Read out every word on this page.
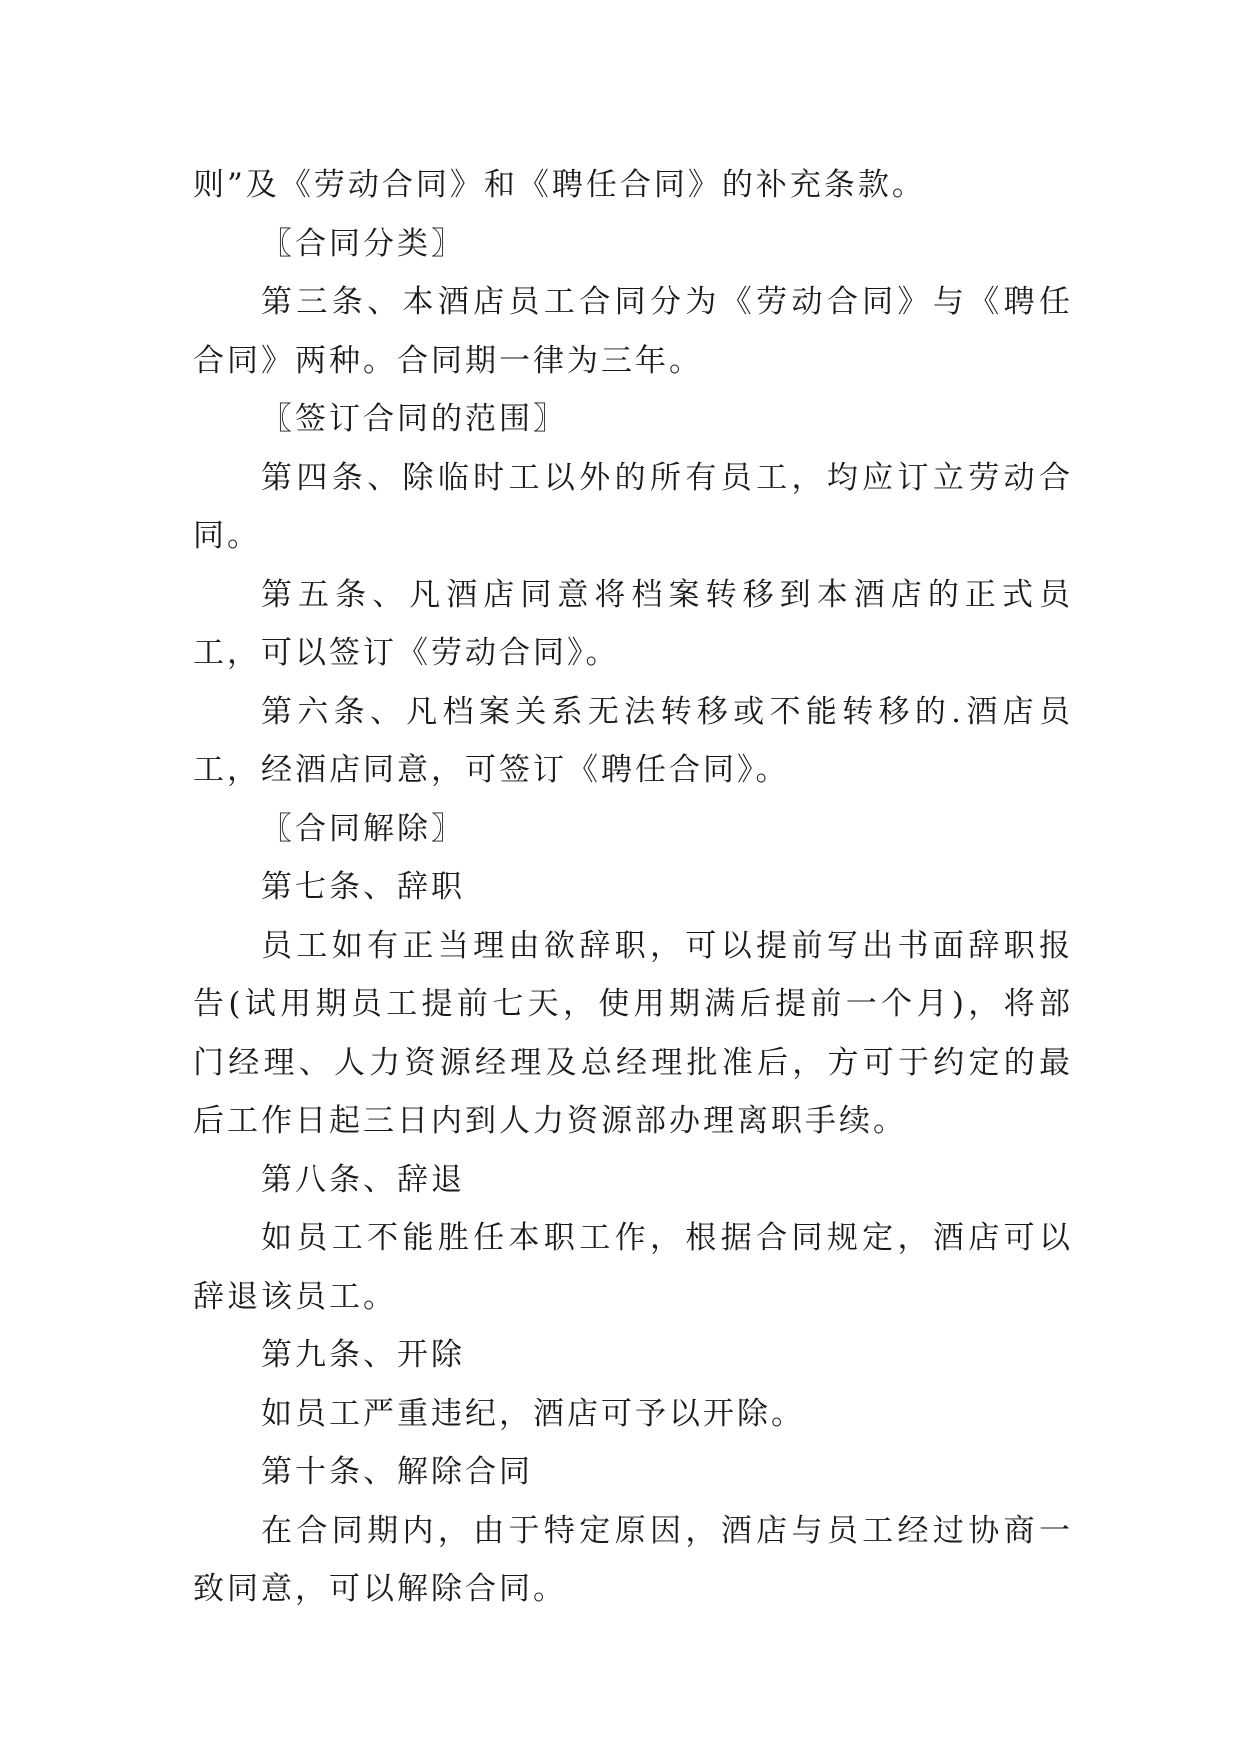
则”及《劳动合同》和《聘任合同》的补充条款。

〖合同分类〗

第三条、本酒店员工合同分为《劳动合同》与《聘任合同》两种。合同期一律为三年。

〖签订合同的范围〗

第四条、除临时工以外的所有员工，均应订立劳动合同。

第五条、凡酒店同意将档案转移到本酒店的正式员工，可以签订《劳动合同》。

第六条、凡档案关系无法转移或不能转移的.酒店员工，经酒店同意，可签订《聘任合同》。

〖合同解除〗

第七条、辞职

员工如有正当理由欲辞职，可以提前写出书面辞职报告(试用期员工提前七天，使用期满后提前一个月)，将部门经理、人力资源经理及总经理批准后，方可于约定的最后工作日起三日内到人力资源部办理离职手续。

第八条、辞退

如员工不能胜任本职工作，根据合同规定，酒店可以辞退该员工。

第九条、开除

如员工严重违纪，酒店可予以开除。

第十条、解除合同

在合同期内，由于特定原因，酒店与员工经过协商一致同意，可以解除合同。
